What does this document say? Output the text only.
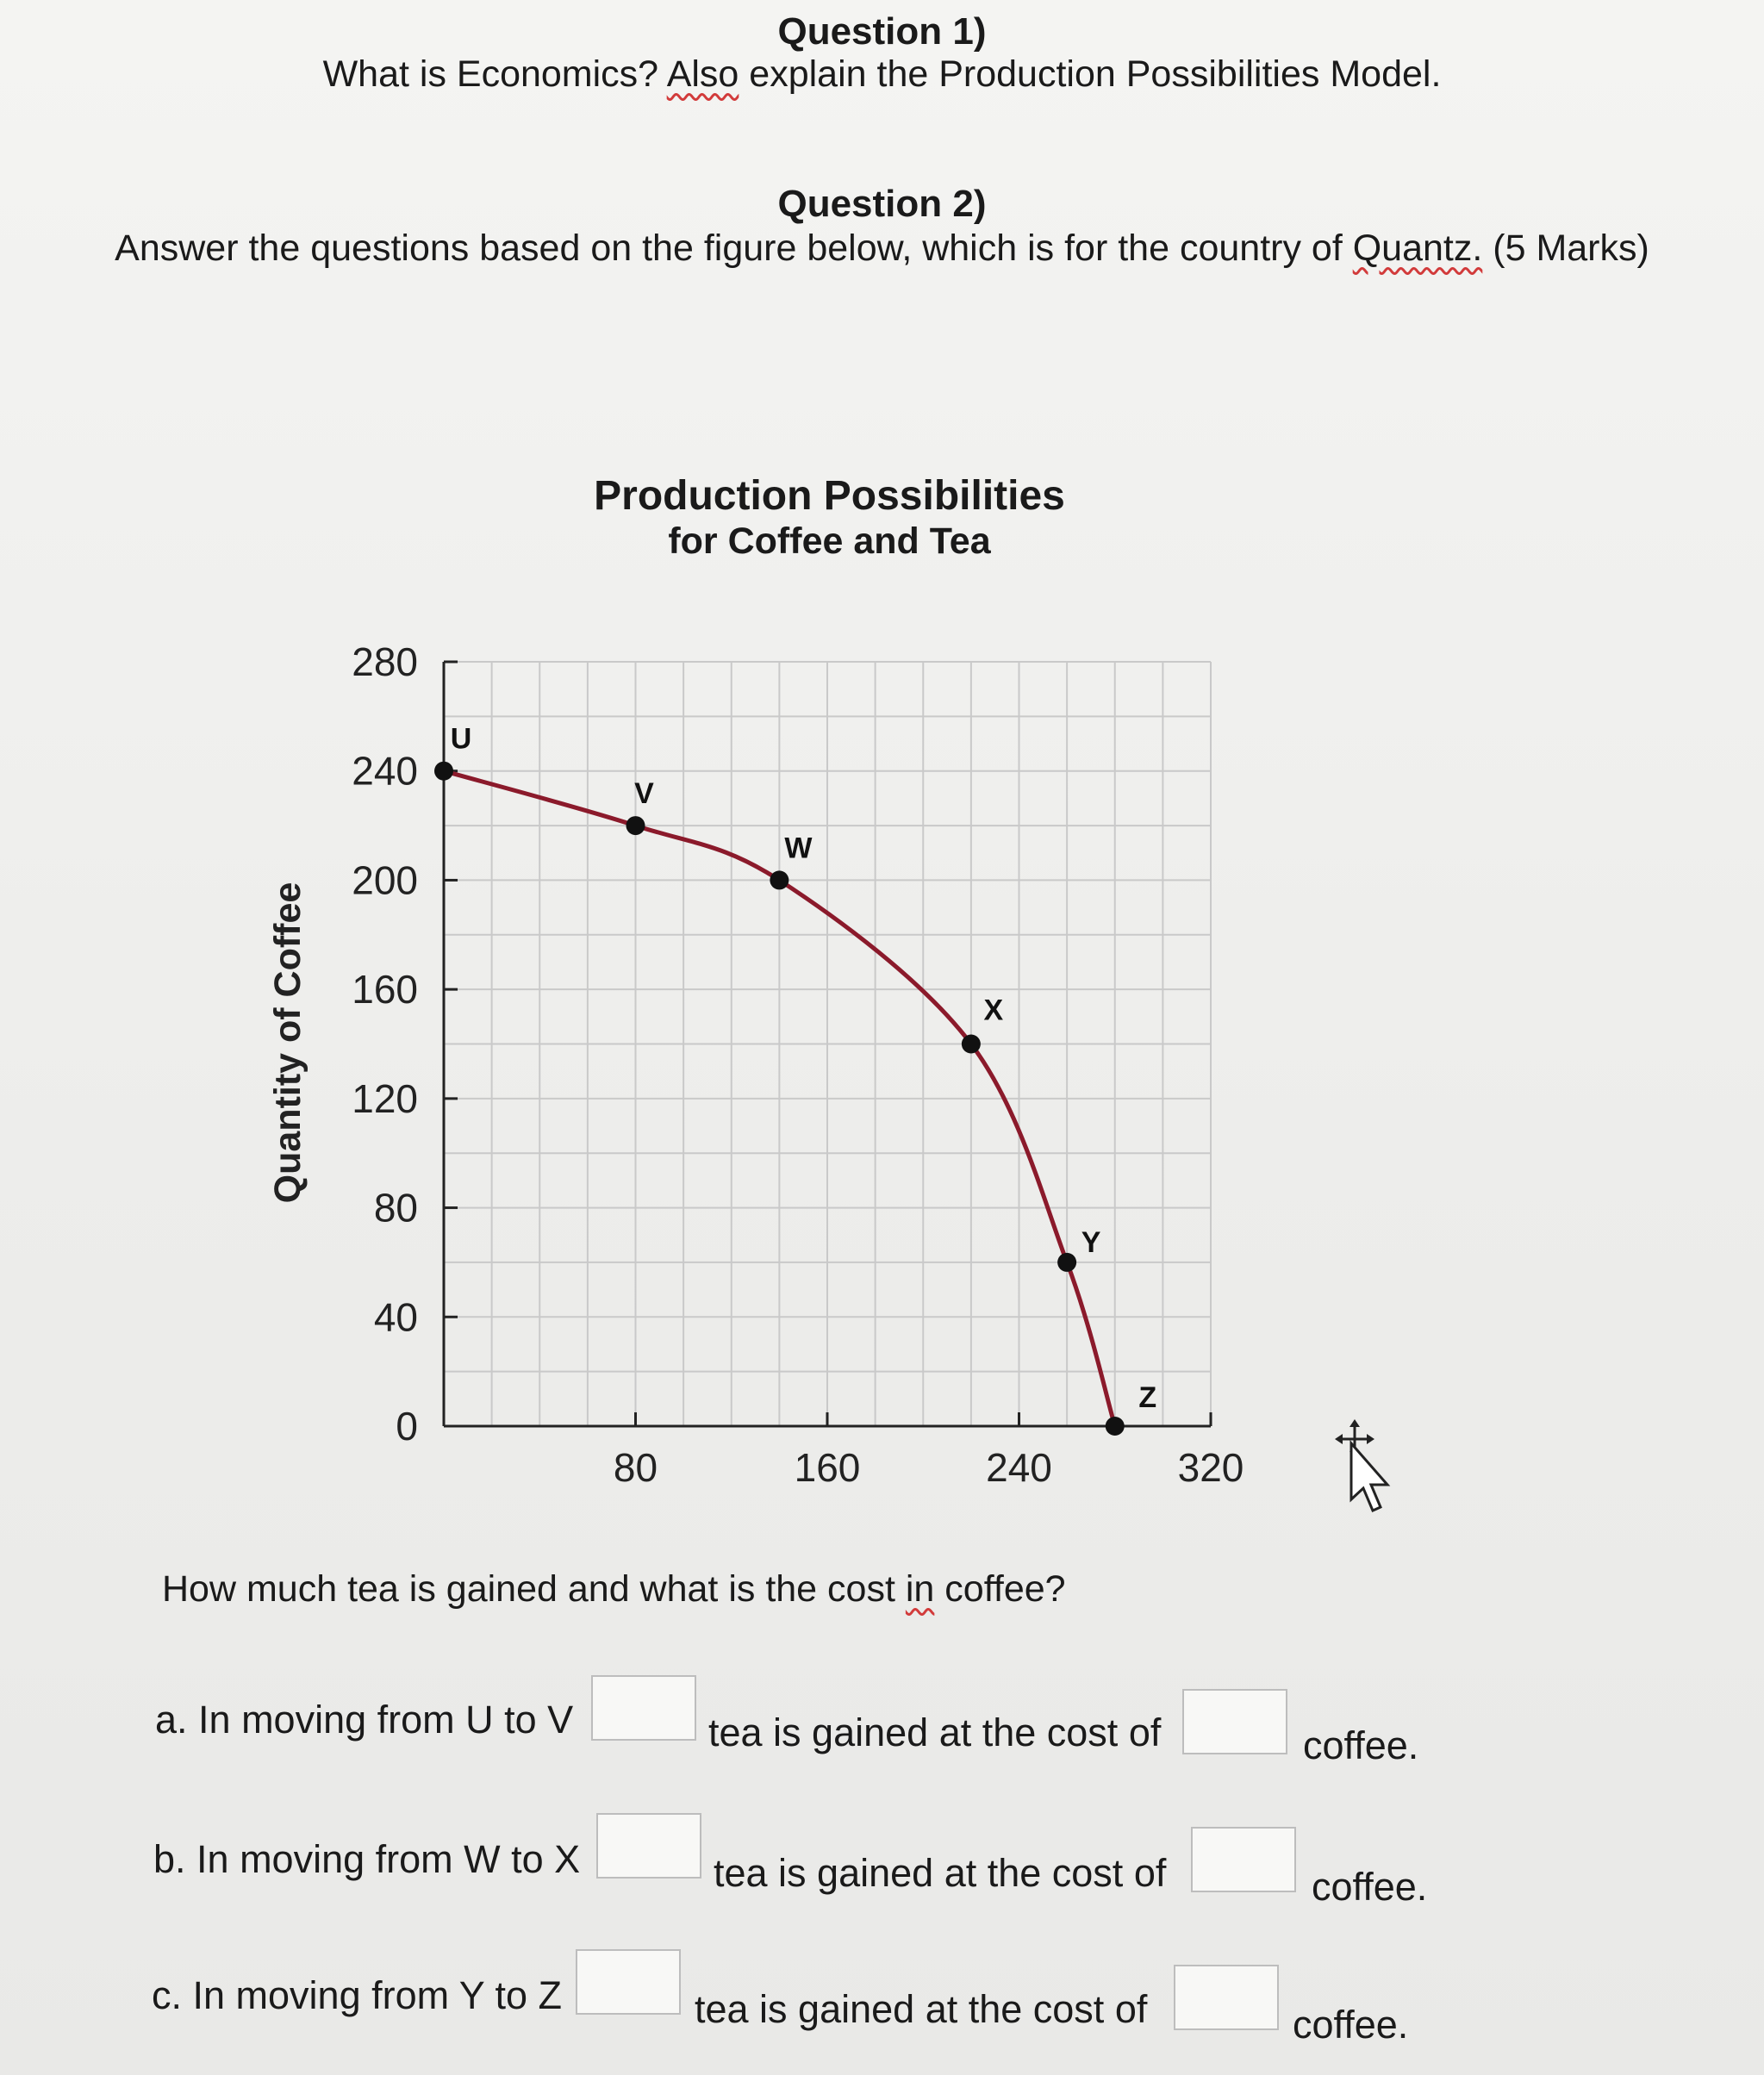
Question 1)
What is Economics? Also explain the Production Possibilities Model.
Question 2)
Answer the questions based on the figure below, which is for the country of Quantz. (5 Marks)
Production Possibilities
for Coffee and Tea
0
40
80
120
160
200
240
280
80	160	240	320
U
V
W
X
Y
Z
Quantity of Coffee
How much tea is gained and what is the cost in coffee?
a. In moving from U to V	tea is gained at the cost of	coffee.
b. In moving from W to X	tea is gained at the cost of	coffee.
c. In moving from Y to Z	tea is gained at the cost of	coffee.
